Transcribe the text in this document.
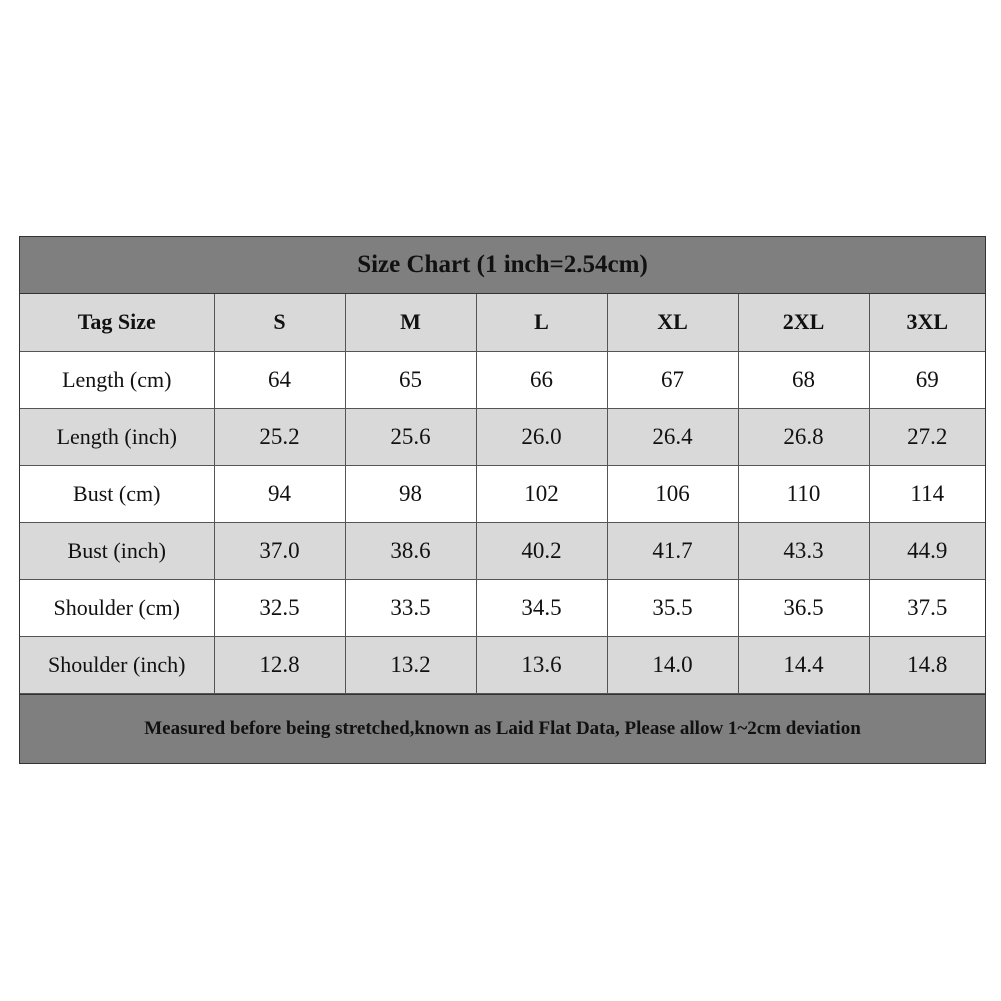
Size Chart (1 inch=2.54cm)
Tag Size	S	M	L	XL	2XL	3XL
Length (cm)	64	65	66	67	68	69
Length (inch)	25.2	25.6	26.0	26.4	26.8	27.2
Bust (cm)	94	98	102	106	110	114
Bust (inch)	37.0	38.6	40.2	41.7	43.3	44.9
Shoulder (cm)	32.5	33.5	34.5	35.5	36.5	37.5
Shoulder (inch)	12.8	13.2	13.6	14.0	14.4	14.8
Measured before being stretched,known as Laid Flat Data, Please allow 1~2cm deviation
